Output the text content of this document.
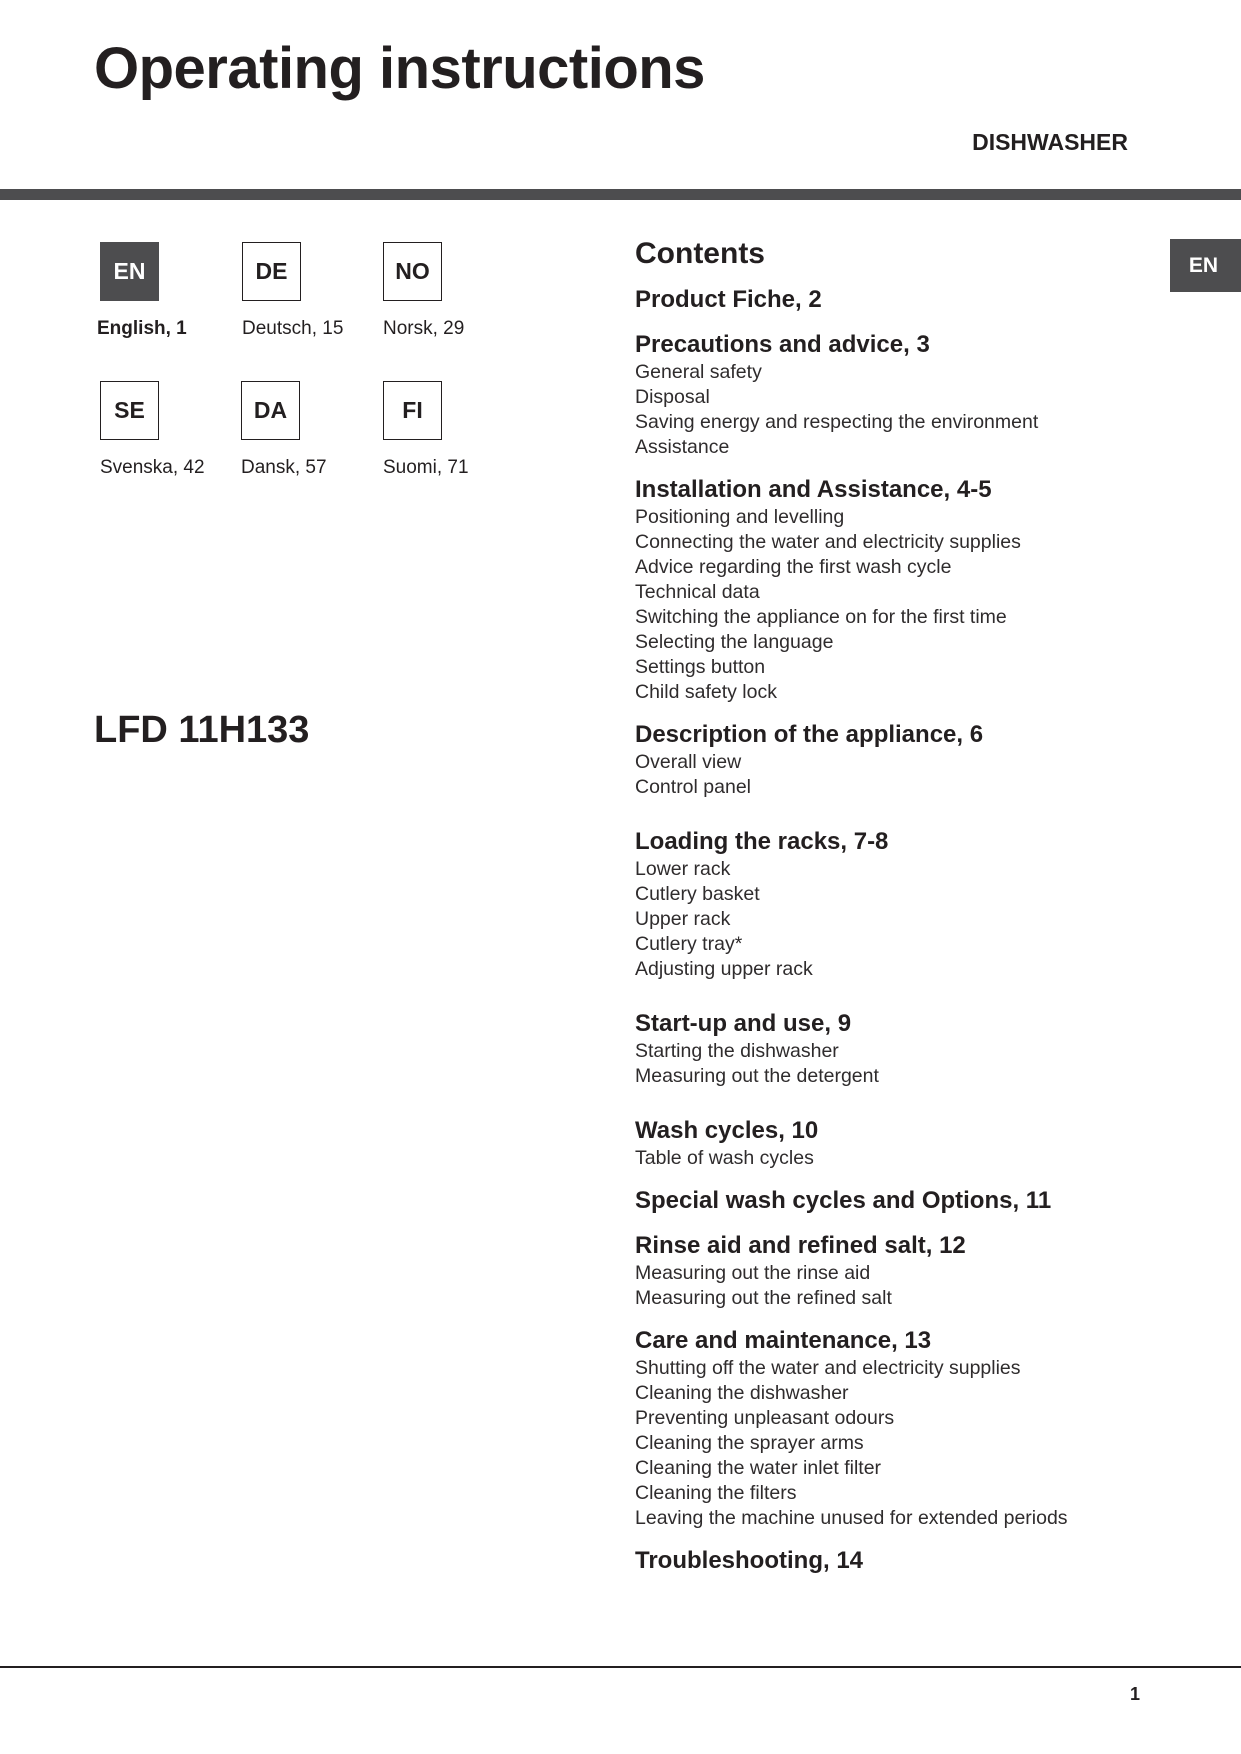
Operating instructions
DISHWASHER
EN
EN
English, 1
DE
Deutsch, 15
NO
Norsk, 29
SE
Svenska, 42
DA
Dansk, 57
FI
Suomi, 71
LFD 11H133
Contents
Product Fiche, 2
Precautions and advice, 3
General safety
Disposal
Saving energy and respecting the environment
Assistance
Installation and Assistance, 4-5
Positioning and levelling
Connecting the water and electricity supplies
Advice regarding the first wash cycle
Technical data
Switching the appliance on for the first time
Selecting the language
Settings button
Child safety lock
Description of the appliance, 6
Overall view
Control panel
Loading the racks, 7-8
Lower rack
Cutlery basket
Upper rack
Cutlery tray*
Adjusting upper rack
Start-up and use, 9
Starting the dishwasher
Measuring out the detergent
Wash cycles, 10
Table of wash cycles
Special wash cycles and Options, 11
Rinse aid and refined salt, 12
Measuring out the rinse aid
Measuring out the refined salt
Care and maintenance, 13
Shutting off the water and electricity supplies
Cleaning the dishwasher
Preventing unpleasant odours
Cleaning the sprayer arms
Cleaning the water inlet filter
Cleaning the filters
Leaving the machine unused for extended periods
Troubleshooting, 14
1
